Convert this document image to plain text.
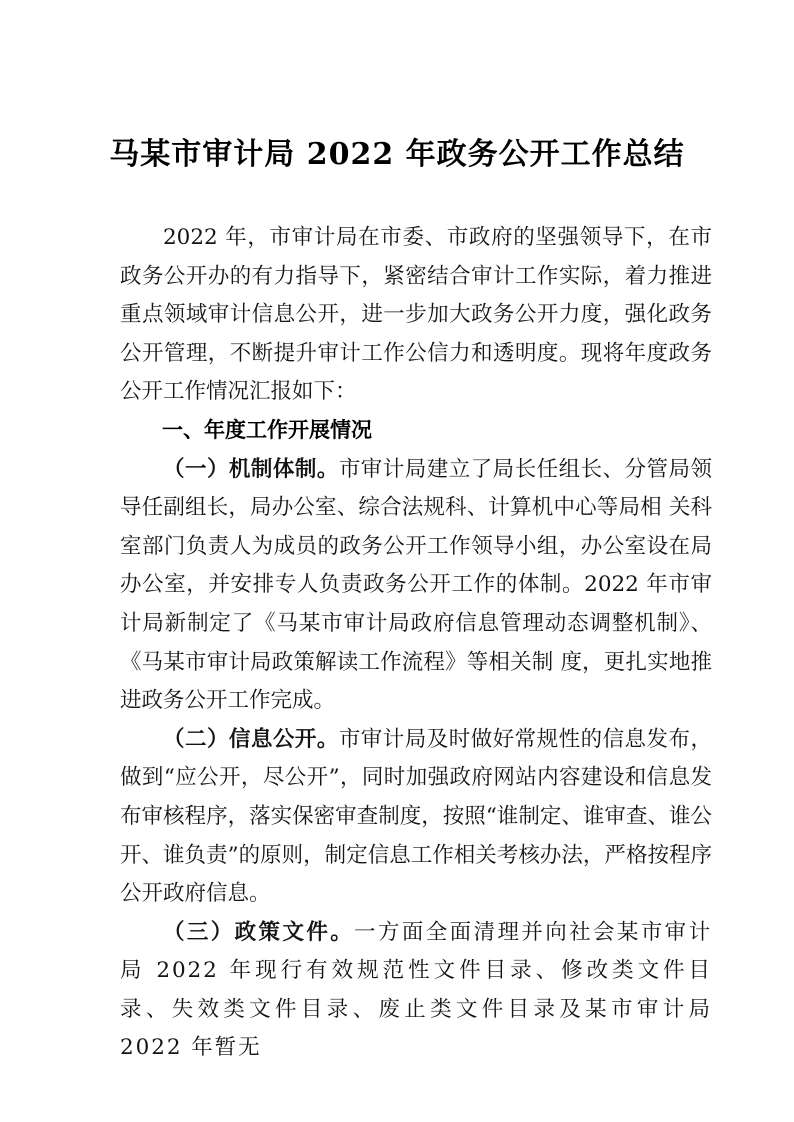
马某市审计局 2022 年政务公开工作总结

2022 年，市审计局在市委、市政府的坚强领导下，在市政务公开办的有力指导下，紧密结合审计工作实际，着力推进重点领域审计信息公开，进一步加大政务公开力度，强化政务公开管理，不断提升审计工作公信力和透明度。现将年度政务公开工作情况汇报如下：

一、年度工作开展情况

（一）机制体制。市审计局建立了局长任组长、分管局领导任副组长，局办公室、综合法规科、计算机中心等局相 关科室部门负责人为成员的政务公开工作领导小组，办公室设在局办公室，并安排专人负责政务公开工作的体制。2022 年市审计局新制定了《马某市审计局政府信息管理动态调整机制》、《马某市审计局政策解读工作流程》等相关制 度，更扎实地推进政务公开工作完成。

（二）信息公开。市审计局及时做好常规性的信息发布，做到“应公开，尽公开”，同时加强政府网站内容建设和信息发布审核程序，落实保密审查制度，按照“谁制定、谁审查、谁公开、谁负责”的原则，制定信息工作相关考核办法，严格按程序公开政府信息。

（三）政策文件。一方面全面清理并向社会某市审计局 2022 年现行有效规范性文件目录、修改类文件目录、失效类文件目录、废止类文件目录及某市审计局 2022 年暂无
